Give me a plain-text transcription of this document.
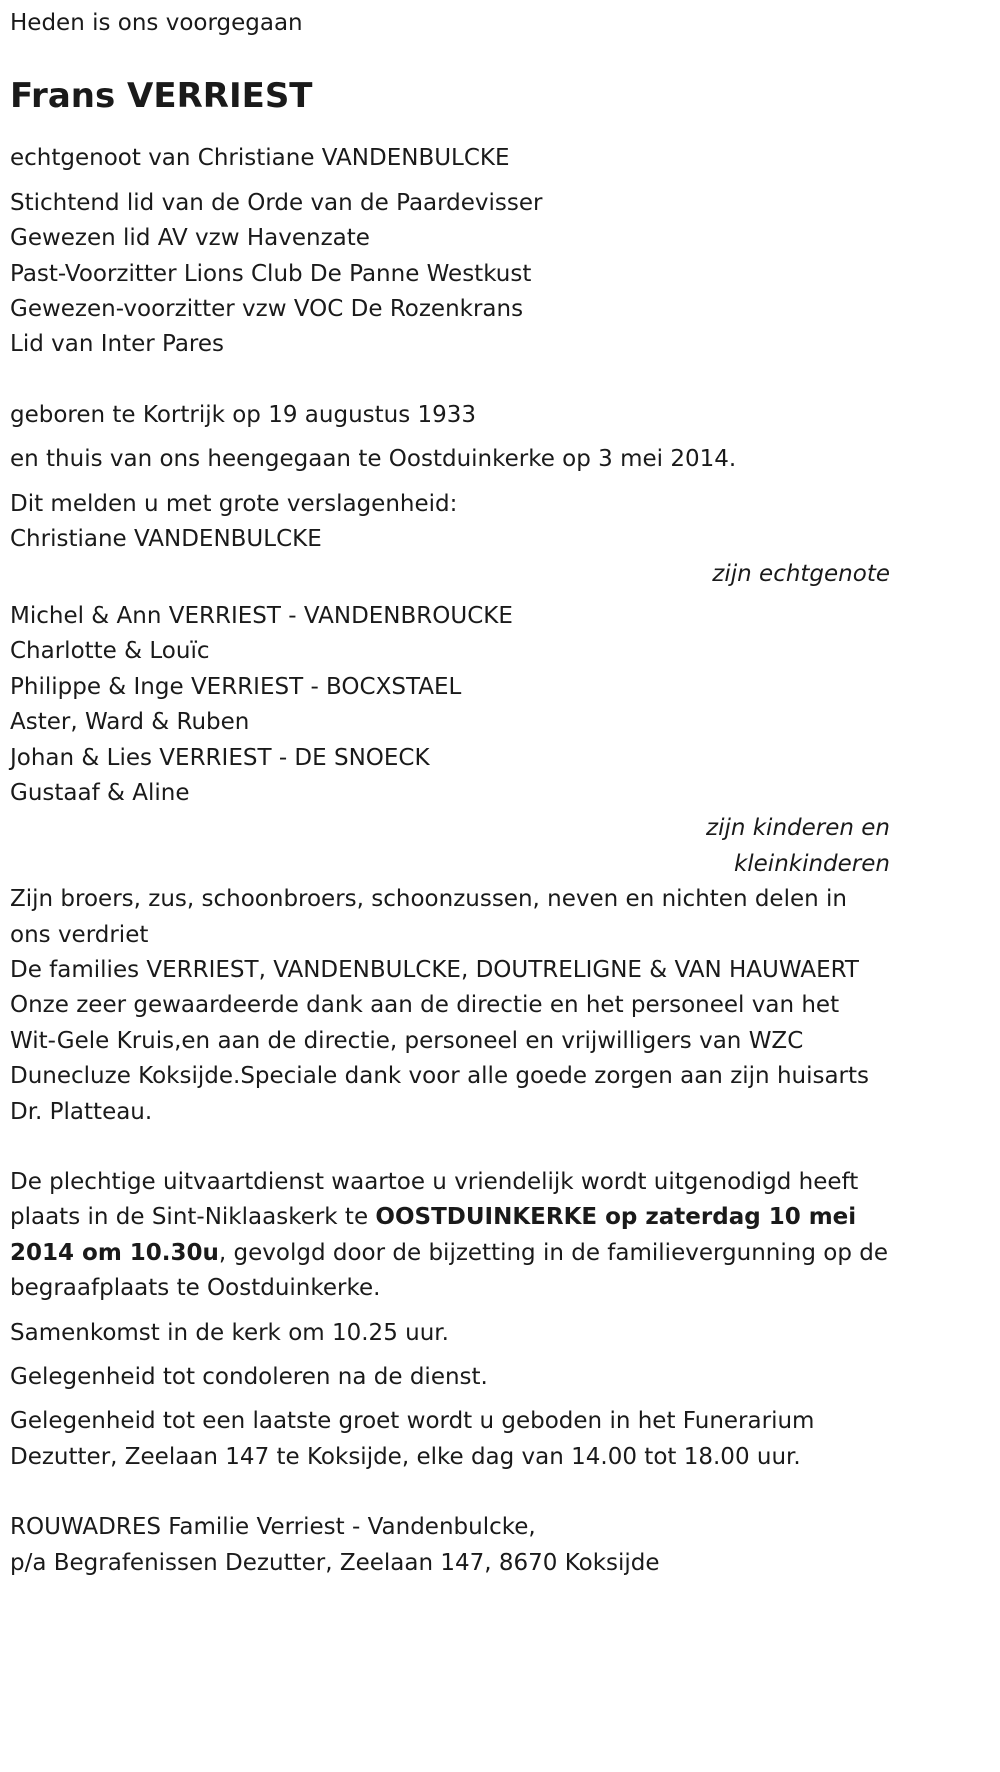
Heden is ons voorgegaan
Frans VERRIEST
echtgenoot van Christiane VANDENBULCKE
Stichtend lid van de Orde van de Paardevisser
Gewezen lid AV vzw Havenzate
Past-Voorzitter Lions Club De Panne Westkust
Gewezen-voorzitter vzw VOC De Rozenkrans
Lid van Inter Pares
geboren te Kortrijk op 19 augustus 1933
en thuis van ons heengegaan te Oostduinkerke op 3 mei 2014.
Dit melden u met grote verslagenheid:
Christiane VANDENBULCKE
zijn echtgenote
Michel & Ann VERRIEST - VANDENBROUCKE
Charlotte & Louïc
Philippe & Inge VERRIEST - BOCXSTAEL
Aster, Ward & Ruben
Johan & Lies VERRIEST - DE SNOECK
Gustaaf & Aline
zijn kinderen en
kleinkinderen
Zijn broers, zus, schoonbroers, schoonzussen, neven en nichten delen in ons verdriet
De families VERRIEST, VANDENBULCKE, DOUTRELIGNE & VAN HAUWAERT
Onze zeer gewaardeerde dank aan de directie en het personeel van het Wit-Gele Kruis,en aan de directie, personeel en vrijwilligers van WZC Dunecluze Koksijde.Speciale dank voor alle goede zorgen aan zijn huisarts Dr. Platteau.

De plechtige uitvaartdienst waartoe u vriendelijk wordt uitgenodigd heeft plaats in de Sint-Niklaaskerk te OOSTDUINKERKE op zaterdag 10 mei 2014 om 10.30u, gevolgd door de bijzetting in de familievergunning op de begraafplaats te Oostduinkerke.

Samenkomst in de kerk om 10.25 uur.
Gelegenheid tot condoleren na de dienst.
Gelegenheid tot een laatste groet wordt u geboden in het Funerarium Dezutter, Zeelaan 147 te Koksijde, elke dag van 14.00 tot 18.00 uur.
ROUWADRES Familie Verriest - Vandenbulcke,
p/a Begrafenissen Dezutter, Zeelaan 147, 8670 Koksijde
